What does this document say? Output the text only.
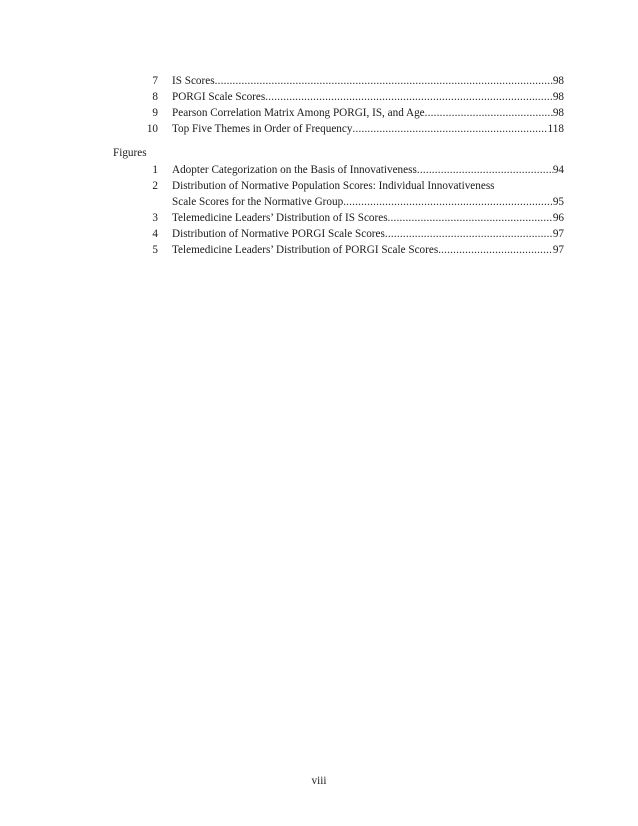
7 IS Scores .....	98
8 PORGI Scale Scores .....	98
9 Pearson Correlation Matrix Among PORGI, IS, and Age .....	98
10 Top Five Themes in Order of Frequency .....	118
Figures
1 Adopter Categorization on the Basis of Innovativeness .....	94
2 Distribution of Normative Population Scores: Individual Innovativeness
Scale Scores for the Normative Group .....	95
3 Telemedicine Leaders’ Distribution of IS Scores .....	96
4 Distribution of Normative PORGI Scale Scores .....	97
5 Telemedicine Leaders’ Distribution of PORGI Scale Scores .....	97
viii
